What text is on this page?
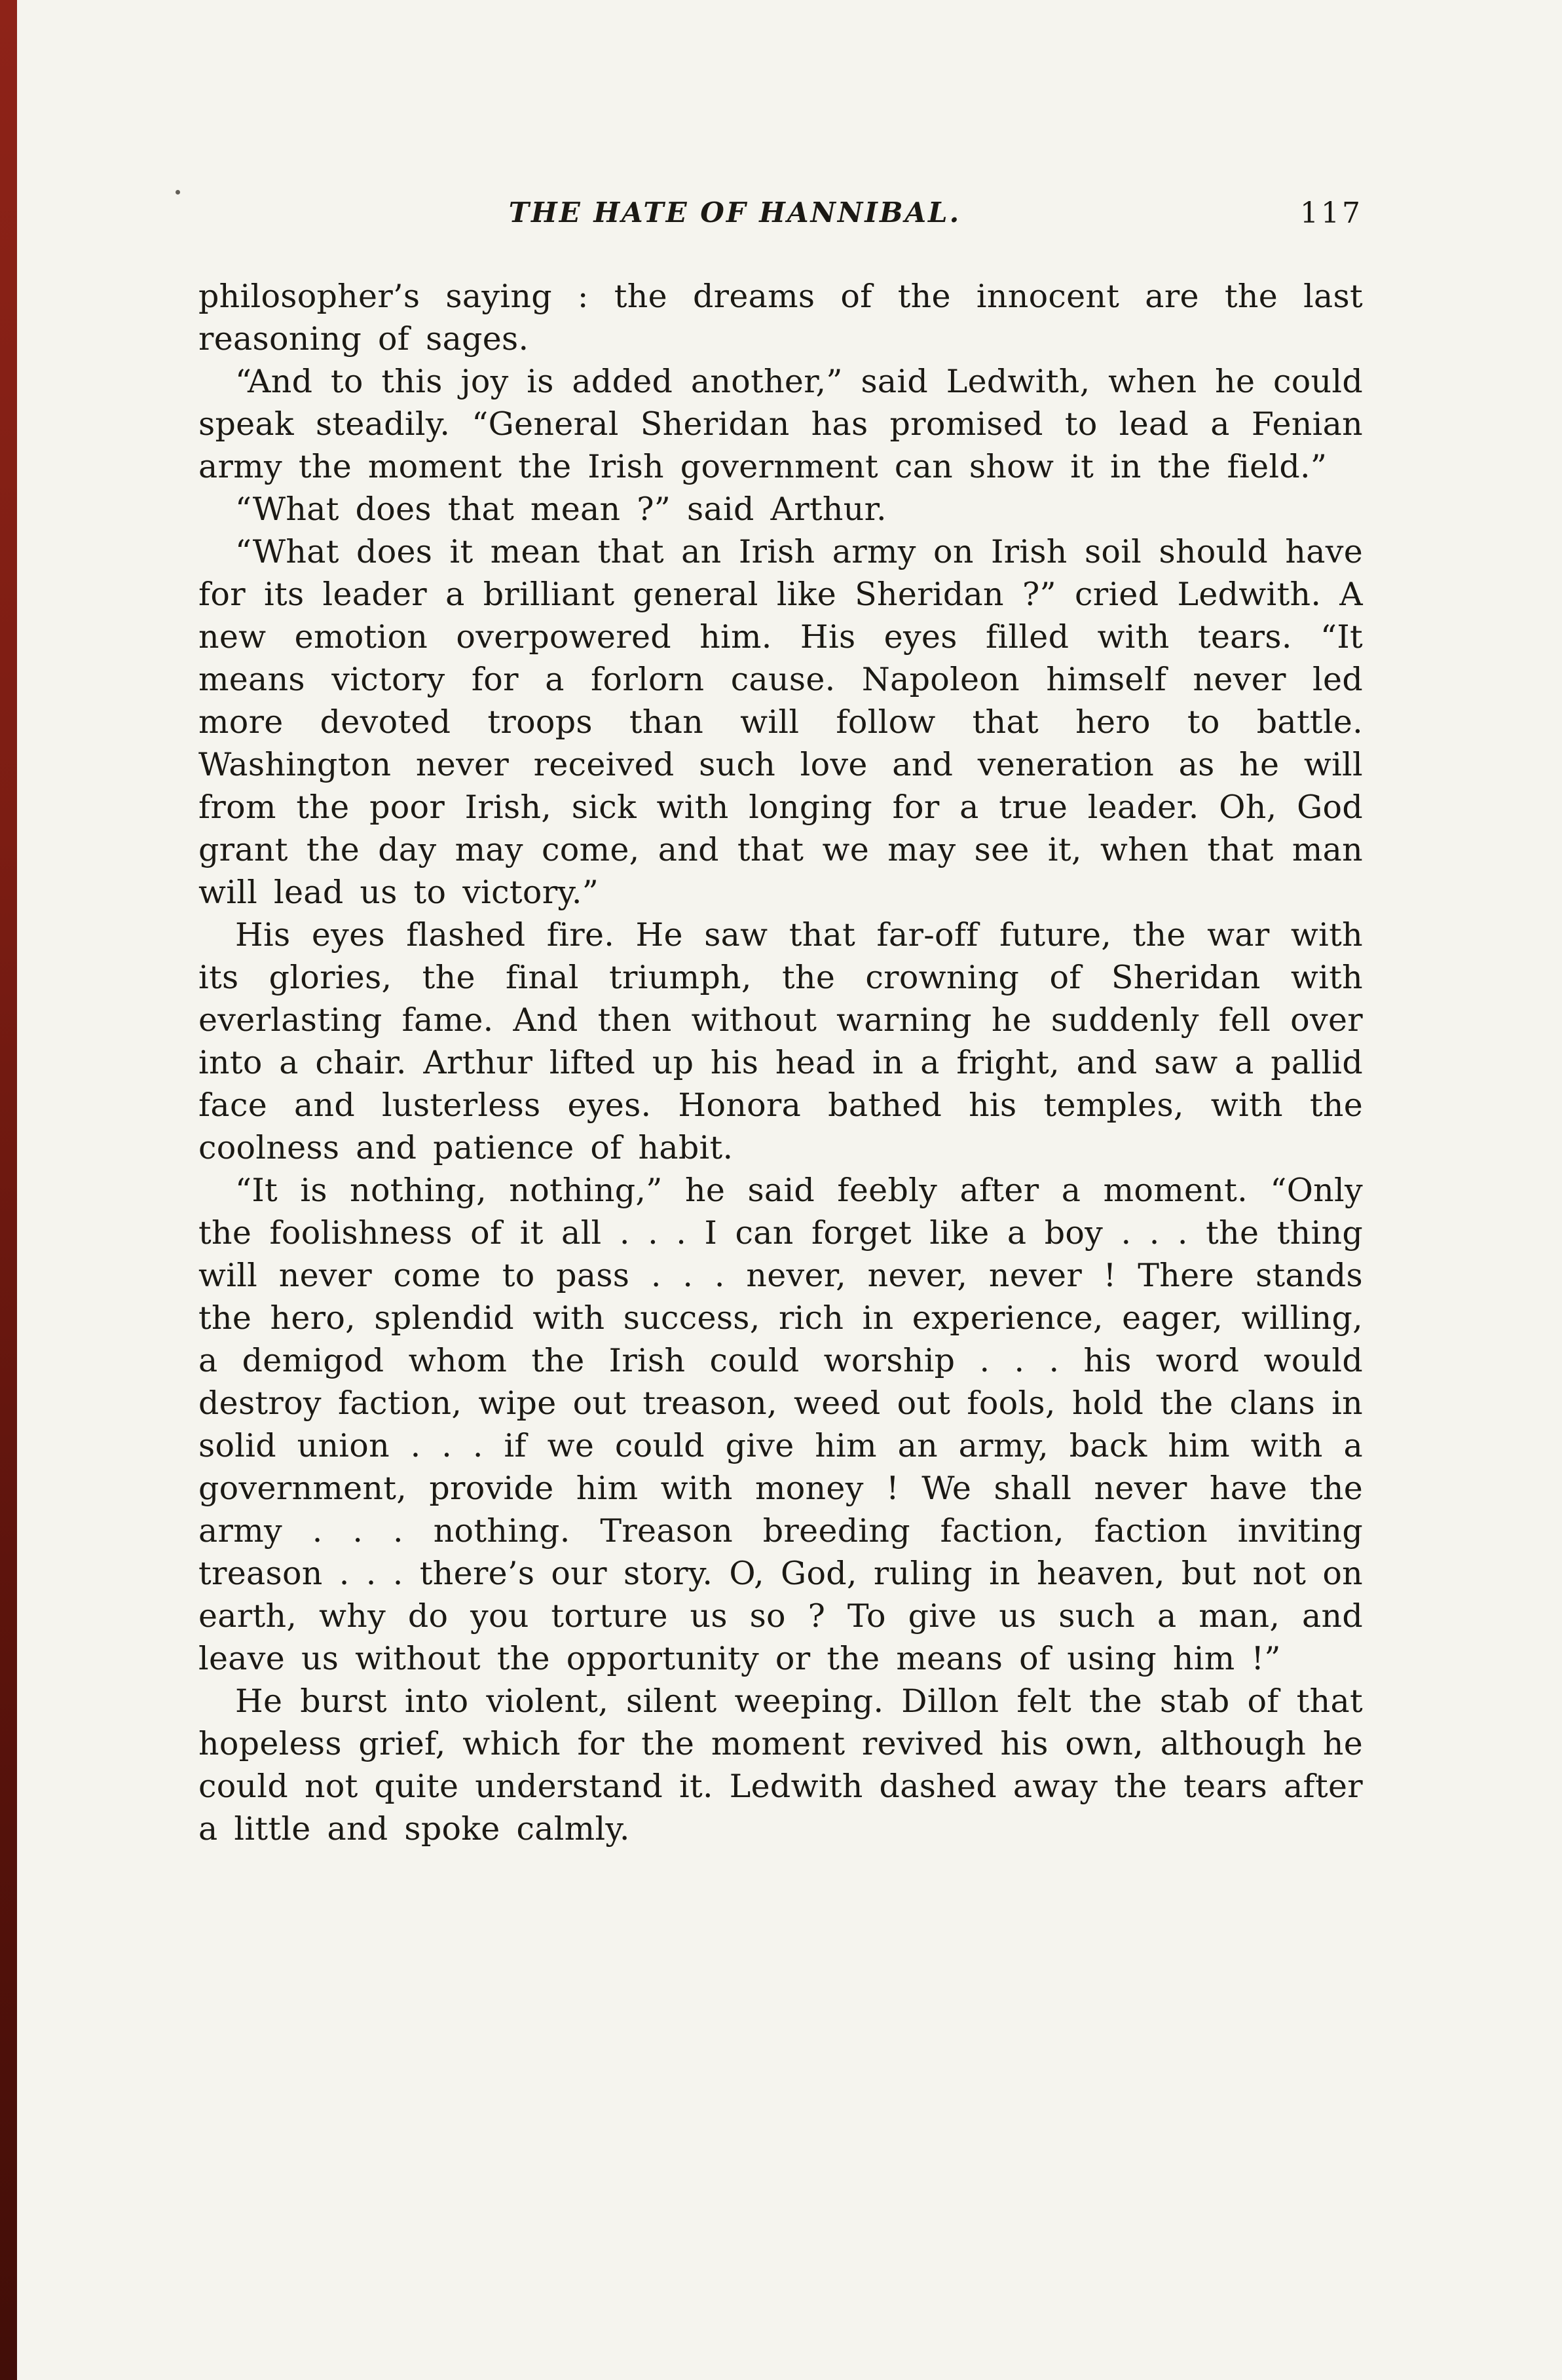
THE HATE OF HANNIBAL.	117

philosopher’s saying : the dreams of the innocent are the last reasoning of sages.

“And to this joy is added another,” said Ledwith, when he could speak steadily. “General Sheridan has promised to lead a Fenian army the moment the Irish government can show it in the field.”

“What does that mean ?” said Arthur.

“What does it mean that an Irish army on Irish soil should have for its leader a brilliant general like Sheridan ?” cried Ledwith. A new emotion overpowered him. His eyes filled with tears. “It means victory for a forlorn cause. Napoleon himself never led more devoted troops than will follow that hero to battle. Washington never received such love and veneration as he will from the poor Irish, sick with longing for a true leader. Oh, God grant the day may come, and that we may see it, when that man will lead us to victory.”

His eyes flashed fire. He saw that far-off future, the war with its glories, the final triumph, the crowning of Sheridan with everlasting fame. And then without warning he suddenly fell over into a chair. Arthur lifted up his head in a fright, and saw a pallid face and lusterless eyes. Honora bathed his temples, with the coolness and patience of habit.

“It is nothing, nothing,” he said feebly after a moment. “Only the foolishness of it all . . . I can forget like a boy . . . the thing will never come to pass . . . never, never, never ! There stands the hero, splendid with success, rich in experience, eager, willing, a demigod whom the Irish could worship . . . his word would destroy faction, wipe out treason, weed out fools, hold the clans in solid union . . . if we could give him an army, back him with a government, provide him with money ! We shall never have the army . . . nothing. Treason breeding faction, faction inviting treason . . . there’s our story. O, God, ruling in heaven, but not on earth, why do you torture us so ? To give us such a man, and leave us without the opportunity or the means of using him !”

He burst into violent, silent weeping. Dillon felt the stab of that hopeless grief, which for the moment revived his own, although he could not quite understand it. Ledwith dashed away the tears after a little and spoke calmly.
